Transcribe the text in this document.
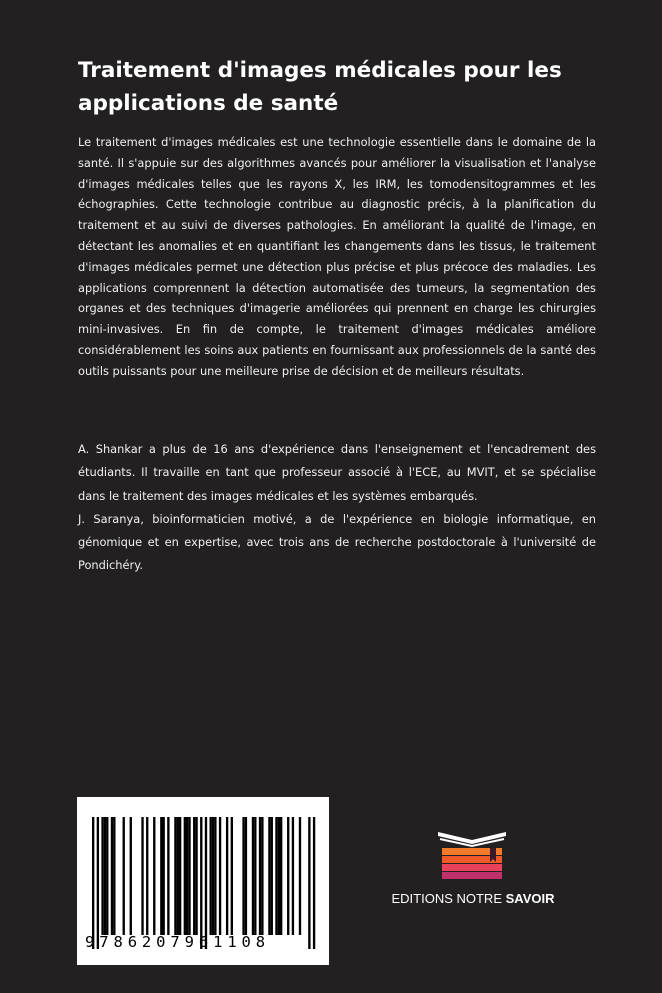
Traitement d'images médicales pour les applications de santé

Le traitement d'images médicales est une technologie essentielle dans le domaine de la santé. Il s'appuie sur des algorithmes avancés pour améliorer la visualisation et l'analyse d'images médicales telles que les rayons X, les IRM, les tomodensitogrammes et les échographies. Cette technologie contribue au diagnostic précis, à la planification du traitement et au suivi de diverses pathologies. En améliorant la qualité de l'image, en détectant les anomalies et en quantifiant les changements dans les tissus, le traitement d'images médicales permet une détection plus précise et plus précoce des maladies. Les applications comprennent la détection automatisée des tumeurs, la segmentation des organes et des techniques d'imagerie améliorées qui prennent en charge les chirurgies mini-invasives. En fin de compte, le traitement d'images médicales améliore considérablement les soins aux patients en fournissant aux professionnels de la santé des outils puissants pour une meilleure prise de décision et de meilleurs résultats.

A. Shankar a plus de 16 ans d'expérience dans l'enseignement et l'encadrement des étudiants. Il travaille en tant que professeur associé à l'ECE, au MVIT, et se spécialise dans le traitement des images médicales et les systèmes embarqués.

J. Saranya, bioinformaticien motivé, a de l'expérience en biologie informatique, en génomique et en expertise, avec trois ans de recherche postdoctorale à l'université de Pondichéry.

9786207961108
EDITIONS NOTRE SAVOIR
